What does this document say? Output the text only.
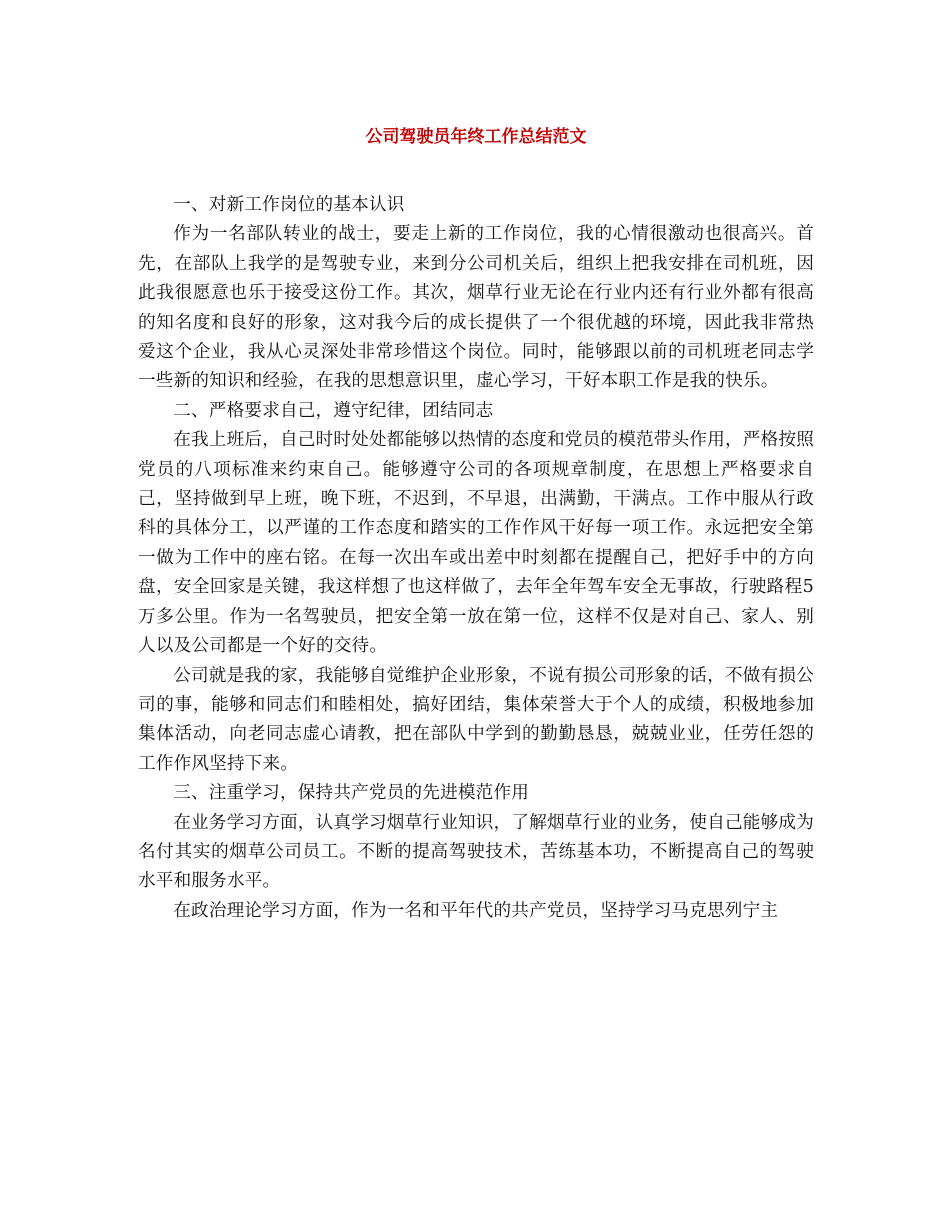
公司驾驶员年终工作总结范文

一、对新工作岗位的基本认识

作为一名部队转业的战士，要走上新的工作岗位，我的心情很激动也很高兴。首先，在部队上我学的是驾驶专业，来到分公司机关后，组织上把我安排在司机班，因此我很愿意也乐于接受这份工作。其次，烟草行业无论在行业内还有行业外都有很高的知名度和良好的形象，这对我今后的成长提供了一个很优越的环境，因此我非常热爱这个企业，我从心灵深处非常珍惜这个岗位。同时，能够跟以前的司机班老同志学一些新的知识和经验，在我的思想意识里，虚心学习，干好本职工作是我的快乐。

二、严格要求自己，遵守纪律，团结同志

在我上班后，自己时时处处都能够以热情的态度和党员的模范带头作用，严格按照党员的八项标准来约束自己。能够遵守公司的各项规章制度，在思想上严格要求自己，坚持做到早上班，晚下班，不迟到，不早退，出满勤，干满点。工作中服从行政科的具体分工，以严谨的工作态度和踏实的工作作风干好每一项工作。永远把安全第一做为工作中的座右铭。在每一次出车或出差中时刻都在提醒自己，把好手中的方向盘，安全回家是关键，我这样想了也这样做了，去年全年驾车安全无事故，行驶路程5万多公里。作为一名驾驶员，把安全第一放在第一位，这样不仅是对自己、家人、别人以及公司都是一个好的交待。

公司就是我的家，我能够自觉维护企业形象，不说有损公司形象的话，不做有损公司的事，能够和同志们和睦相处，搞好团结，集体荣誉大于个人的成绩，积极地参加集体活动，向老同志虚心请教，把在部队中学到的勤勤恳恳，兢兢业业，任劳任怨的工作作风坚持下来。

三、注重学习，保持共产党员的先进模范作用

在业务学习方面，认真学习烟草行业知识，了解烟草行业的业务，使自己能够成为名付其实的烟草公司员工。不断的提高驾驶技术，苦练基本功，不断提高自己的驾驶水平和服务水平。

在政治理论学习方面，作为一名和平年代的共产党员，坚持学习马克思列宁主
